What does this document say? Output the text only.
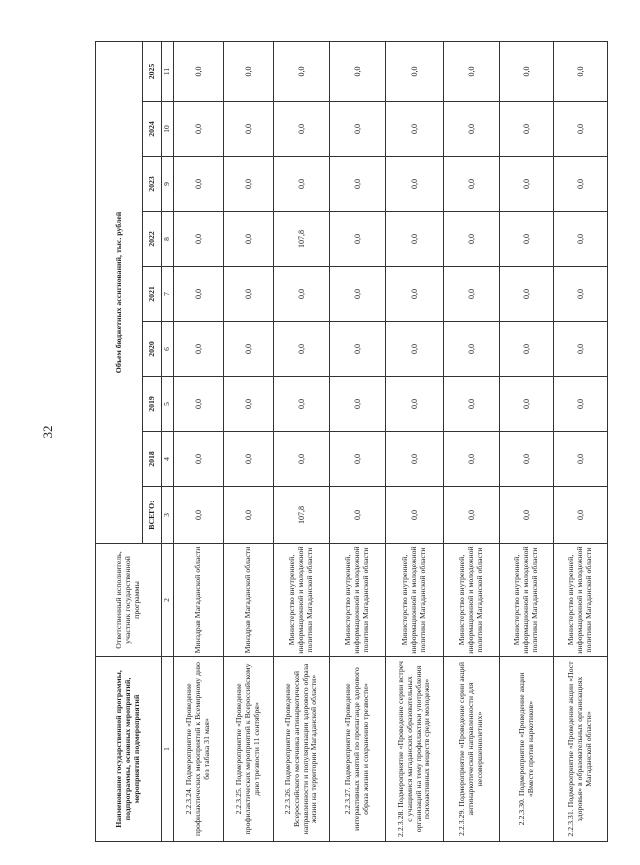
32
Наименование государственной программы, подпрограммы, основных мероприятий, мероприятий подмероприятий	Ответственный исполнитель, участник государственной программы	Объем бюджетных ассигнований, тыс. рублей								
		ВСЕГО:	2018	2019	2020	2021	2022	2023	2024	2025
1	2	3	4	5	6	7	8	9	10	11
2.2.3.24. Подмероприятие «Проведение профилактических мероприятий к Всемирному дню без табака 31 мая»	Минздрав Магаданской области	0,0	0,0	0,0	0,0	0,0	0,0	0,0	0,0	0,0
2.2.3.25. Подмероприятие «Проведение профилактических мероприятий к Всероссийскому дню трезвости 11 сентября»	Минздрав Магаданской области	0,0	0,0	0,0	0,0	0,0	0,0	0,0	0,0	0,0
2.2.3.26. Подмероприятие «Проведение Всероссийского месячника антинаркотической направленности и популяризации здорового образа жизни на территории Магаданской области»	Министерство внутренней, информационной и молодежной политики Магаданской области	107,8	0,0	0,0	0,0	0,0	107,8	0,0	0,0	0,0
2.2.3.27. Подмероприятие «Проведение интерактивных занятий по пропаганде здорового образа жизни и сохранению трезвости»	Министерство внутренней, информационной и молодежной политики Магаданской области	0,0	0,0	0,0	0,0	0,0	0,0	0,0	0,0	0,0
2.2.3.28. Подмероприятие «Проведение серии встреч с учащимися магаданских образовательных организаций на тему профилактики употребления психоактивных веществ среди молодежи»	Министерство внутренней, информационной и молодежной политики Магаданской области	0,0	0,0	0,0	0,0	0,0	0,0	0,0	0,0	0,0
2.2.3.29. Подмероприятие «Проведение серии акций антинаркотической направленности для несовершеннолетних»	Министерство внутренней, информационной и молодежной политики Магаданской области	0,0	0,0	0,0	0,0	0,0	0,0	0,0	0,0	0,0
2.2.3.30. Подмероприятие «Проведение акции «Вместе против наркотиков»	Министерство внутренней, информационной и молодежной политики Магаданской области	0,0	0,0	0,0	0,0	0,0	0,0	0,0	0,0	0,0
2.2.3.31. Подмероприятие «Проведение акции «Пост здоровья» в образовательных организациях Магаданской области»	Министерство внутренней, информационной и молодежной политики Магаданской области	0,0	0,0	0,0	0,0	0,0	0,0	0,0	0,0	0,0
